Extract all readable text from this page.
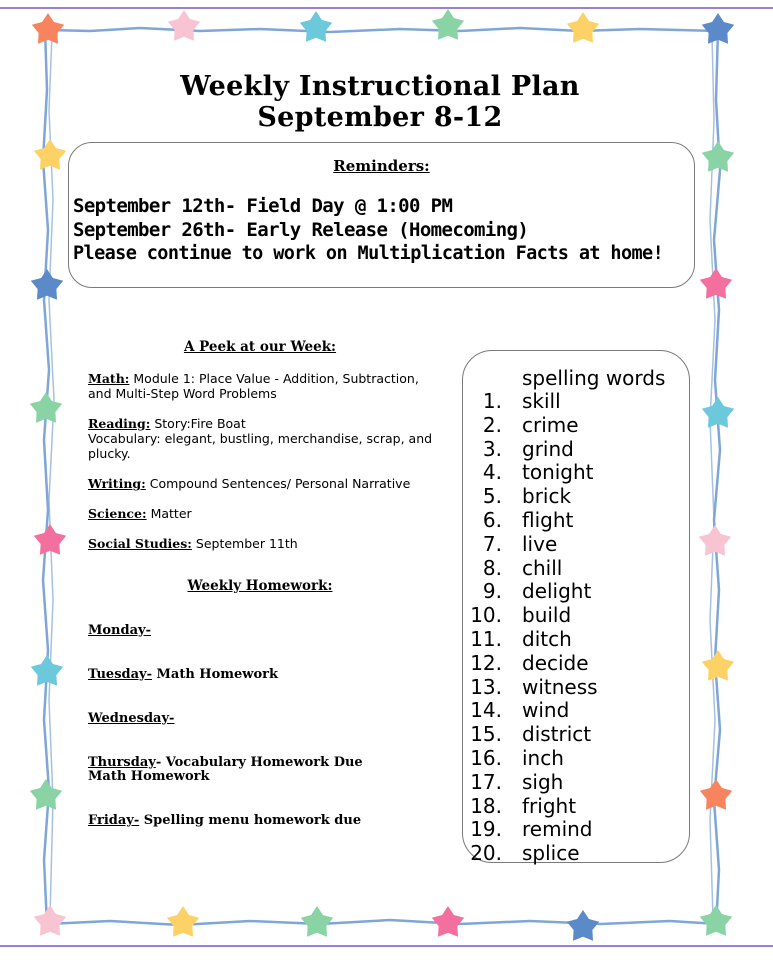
Weekly Instructional Plan
September 8-12
Reminders:
September 12th- Field Day @ 1:00 PM
September 26th- Early Release (Homecoming)
Please continue to work on Multiplication Facts at home!
A Peek at our Week:
Math: Module 1: Place Value - Addition, Subtraction, and Multi-Step Word Problems
Reading: Story:Fire Boat
Vocabulary: elegant, bustling, merchandise, scrap, and plucky.
Writing: Compound Sentences/ Personal Narrative
Science: Matter
Social Studies: September 11th
Weekly Homework:
Monday-
Tuesday- Math Homework
Wednesday-
Thursday- Vocabulary Homework Due
Math Homework
Friday- Spelling menu homework due
spelling words
1. skill
2. crime
3. grind
4. tonight
5. brick
6. flight
7. live
8. chill
9. delight
10. build
11. ditch
12. decide
13. witness
14. wind
15. district
16. inch
17. sigh
18. fright
19. remind
20. splice
